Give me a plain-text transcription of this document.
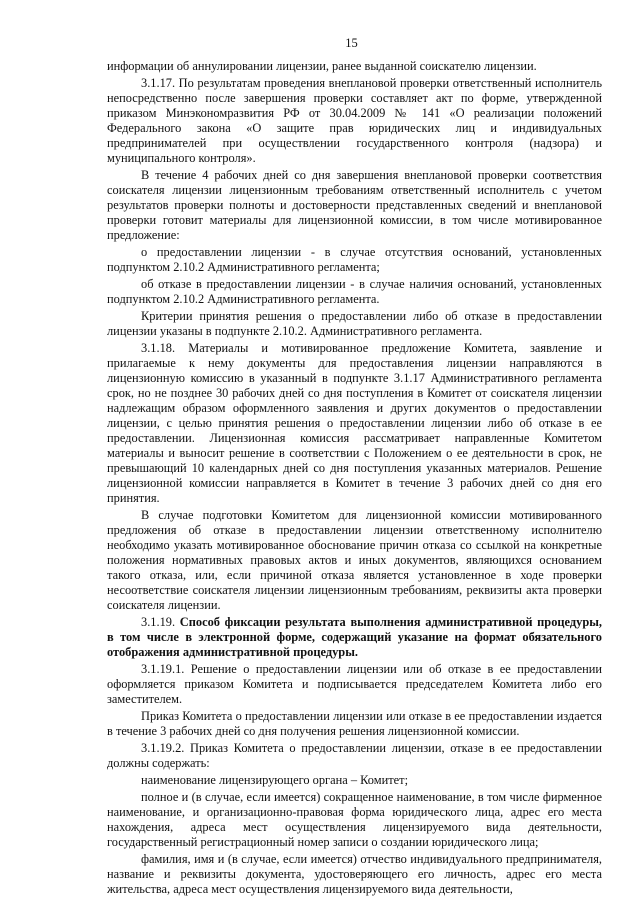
15

информации об аннулировании лицензии, ранее выданной соискателю лицензии.

3.1.17. По результатам проведения внеплановой проверки ответственный исполнитель непосредственно после завершения проверки составляет акт по форме, утвержденной приказом Минэкономразвития РФ от 30.04.2009 № 141 «О реализации положений Федерального закона «О защите прав юридических лиц и индивидуальных предпринимателей при осуществлении государственного контроля (надзора) и муниципального контроля».

В течение 4 рабочих дней со дня завершения внеплановой проверки соответствия соискателя лицензии лицензионным требованиям ответственный исполнитель с учетом результатов проверки полноты и достоверности представленных сведений и внеплановой проверки готовит материалы для лицензионной комиссии, в том числе мотивированное предложение:

о предоставлении лицензии - в случае отсутствия оснований, установленных подпунктом 2.10.2 Административного регламента;

об отказе в предоставлении лицензии - в случае наличия оснований, установленных подпунктом 2.10.2 Административного регламента.

Критерии принятия решения о предоставлении либо об отказе в предоставлении лицензии указаны в подпункте 2.10.2. Административного регламента.

3.1.18. Материалы и мотивированное предложение Комитета, заявление и прилагаемые к нему документы для предоставления лицензии направляются в лицензионную комиссию в указанный в подпункте 3.1.17 Административного регламента срок, но не позднее 30 рабочих дней со дня поступления в Комитет от соискателя лицензии надлежащим образом оформленного заявления и других документов о предоставлении лицензии, с целью принятия решения о предоставлении лицензии либо об отказе в ее предоставлении. Лицензионная комиссия рассматривает направленные Комитетом материалы и выносит решение в соответствии с Положением о ее деятельности в срок, не превышающий 10 календарных дней со дня поступления указанных материалов. Решение лицензионной комиссии направляется в Комитет в течение 3 рабочих дней со дня его принятия.

В случае подготовки Комитетом для лицензионной комиссии мотивированного предложения об отказе в предоставлении лицензии ответственному исполнителю необходимо указать мотивированное обоснование причин отказа со ссылкой на конкретные положения нормативных правовых актов и иных документов, являющихся основанием такого отказа, или, если причиной отказа является установленное в ходе проверки несоответствие соискателя лицензии лицензионным требованиям, реквизиты акта проверки соискателя лицензии.

3.1.19. Способ фиксации результата выполнения административной процедуры, в том числе в электронной форме, содержащий указание на формат обязательного отображения административной процедуры.

3.1.19.1. Решение о предоставлении лицензии или об отказе в ее предоставлении оформляется приказом Комитета и подписывается председателем Комитета либо его заместителем.

Приказ Комитета о предоставлении лицензии или отказе в ее предоставлении издается в течение 3 рабочих дней со дня получения решения лицензионной комиссии.

3.1.19.2. Приказ Комитета о предоставлении лицензии, отказе в ее предоставлении должны содержать:

наименование лицензирующего органа – Комитет;

полное и (в случае, если имеется) сокращенное наименование, в том числе фирменное наименование, и организационно-правовая форма юридического лица, адрес его места нахождения, адреса мест осуществления лицензируемого вида деятельности, государственный регистрационный номер записи о создании юридического лица;

фамилия, имя и (в случае, если имеется) отчество индивидуального предпринимателя, название и реквизиты документа, удостоверяющего его личность, адрес его места жительства, адреса мест осуществления лицензируемого вида деятельности,
